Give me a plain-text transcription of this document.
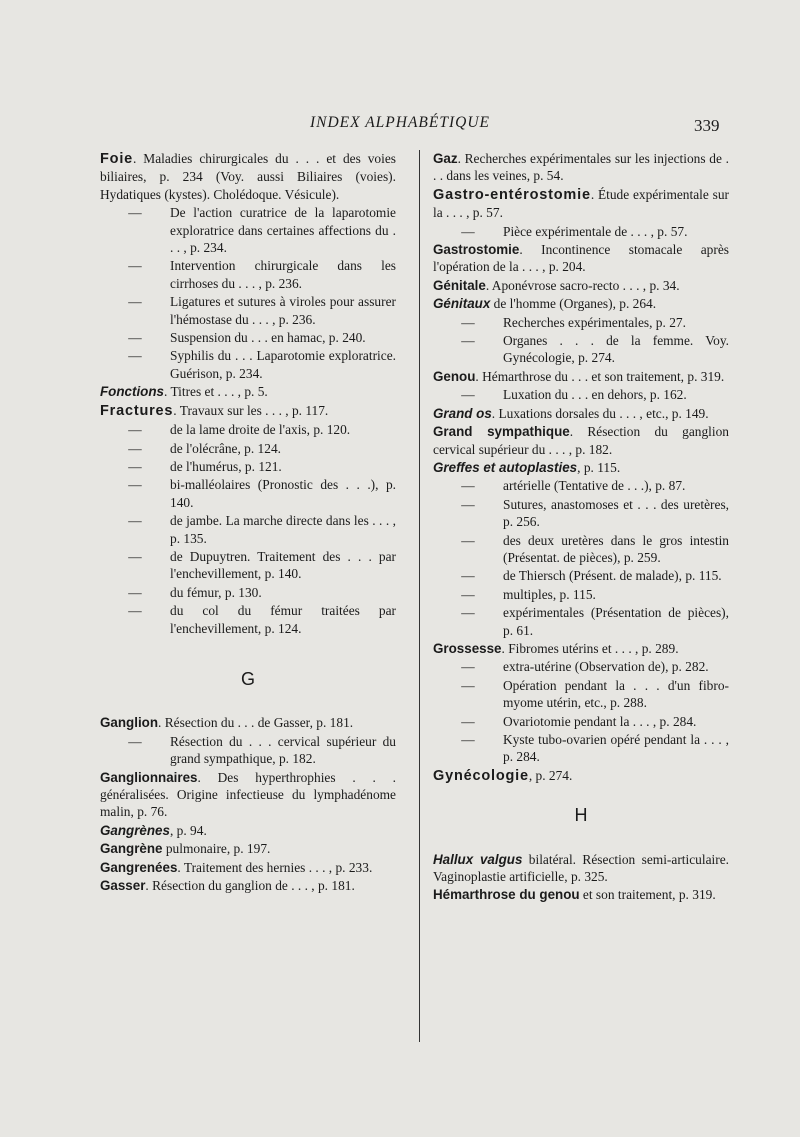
INDEX ALPHABÉTIQUE	339
Foie. Maladies chirurgicales du . . . et des voies biliaires, p. 234 (Voy. aussi Biliaires (voies). Hydatiques (kystes). Cholédoque. Vésicule).
—	De l'action curatrice de la laparotomie exploratrice dans certaines affections du . . . , p. 234.
—	Intervention chirurgicale dans les cirrhoses du . . . , p. 236.
—	Ligatures et sutures à viroles pour assurer l'hémostase du . . . , p. 236.
—	Suspension du . . . en hamac, p. 240.
—	Syphilis du . . . Laparotomie exploratrice. Guérison, p. 234.
Fonctions. Titres et . . . , p. 5.
Fractures. Travaux sur les . . . , p. 117.
—	de la lame droite de l'axis, p. 120.
—	de l'olécrâne, p. 124.
—	de l'humérus, p. 121.
—	bi-malléolaires (Pronostic des . . .), p. 140.
—	de jambe. La marche directe dans les . . . , p. 135.
—	de Dupuytren. Traitement des . . . par l'enchevillement, p. 140.
—	du fémur, p. 130.
—	du col du fémur traitées par l'enchevillement, p. 124.
G
Ganglion. Résection du . . . de Gasser, p. 181.
—	Résection du . . . cervical supérieur du grand sympathique, p. 182.
Ganglionnaires. Des hyperthrophies . . . généralisées. Origine infectieuse du lymphadénome malin, p. 76.
Gangrènes, p. 94.
Gangrène pulmonaire, p. 197.
Gangrenées. Traitement des hernies . . . , p. 233.
Gasser. Résection du ganglion de . . . , p. 181.
Gaz. Recherches expérimentales sur les injections de . . . dans les veines, p. 54.
Gastro-entérostomie. Étude expérimentale sur la . . . , p. 57.
—	Pièce expérimentale de . . . , p. 57.
Gastrostomie. Incontinence stomacale après l'opération de la . . . , p. 204.
Génitale. Aponévrose sacro-recto . . . , p. 34.
Génitaux de l'homme (Organes), p. 264.
—	Recherches expérimentales, p. 27.
—	Organes . . . de la femme. Voy. Gynécologie, p. 274.
Genou. Hémarthrose du . . . et son traitement, p. 319.
—	Luxation du . . . en dehors, p. 162.
Grand os. Luxations dorsales du . . . , etc., p. 149.
Grand sympathique. Résection du ganglion cervical supérieur du . . . , p. 182.
Greffes et autoplasties, p. 115.
—	artérielle (Tentative de . . .), p. 87.
—	Sutures, anastomoses et . . . des uretères, p. 256.
—	des deux uretères dans le gros intestin (Présentat. de pièces), p. 259.
—	de Thiersch (Présent. de malade), p. 115.
—	multiples, p. 115.
—	expérimentales (Présentation de pièces), p. 61.
Grossesse. Fibromes utérins et . . . , p. 289.
—	extra-utérine (Observation de), p. 282.
—	Opération pendant la . . . d'un fibro-myome utérin, etc., p. 288.
—	Ovariotomie pendant la . . . , p. 284.
—	Kyste tubo-ovarien opéré pendant la . . . , p. 284.
Gynécologie, p. 274.
H
Hallux valgus bilatéral. Résection semi-articulaire. Vaginoplastie artificielle, p. 325.
Hémarthrose du genou et son traitement, p. 319.
